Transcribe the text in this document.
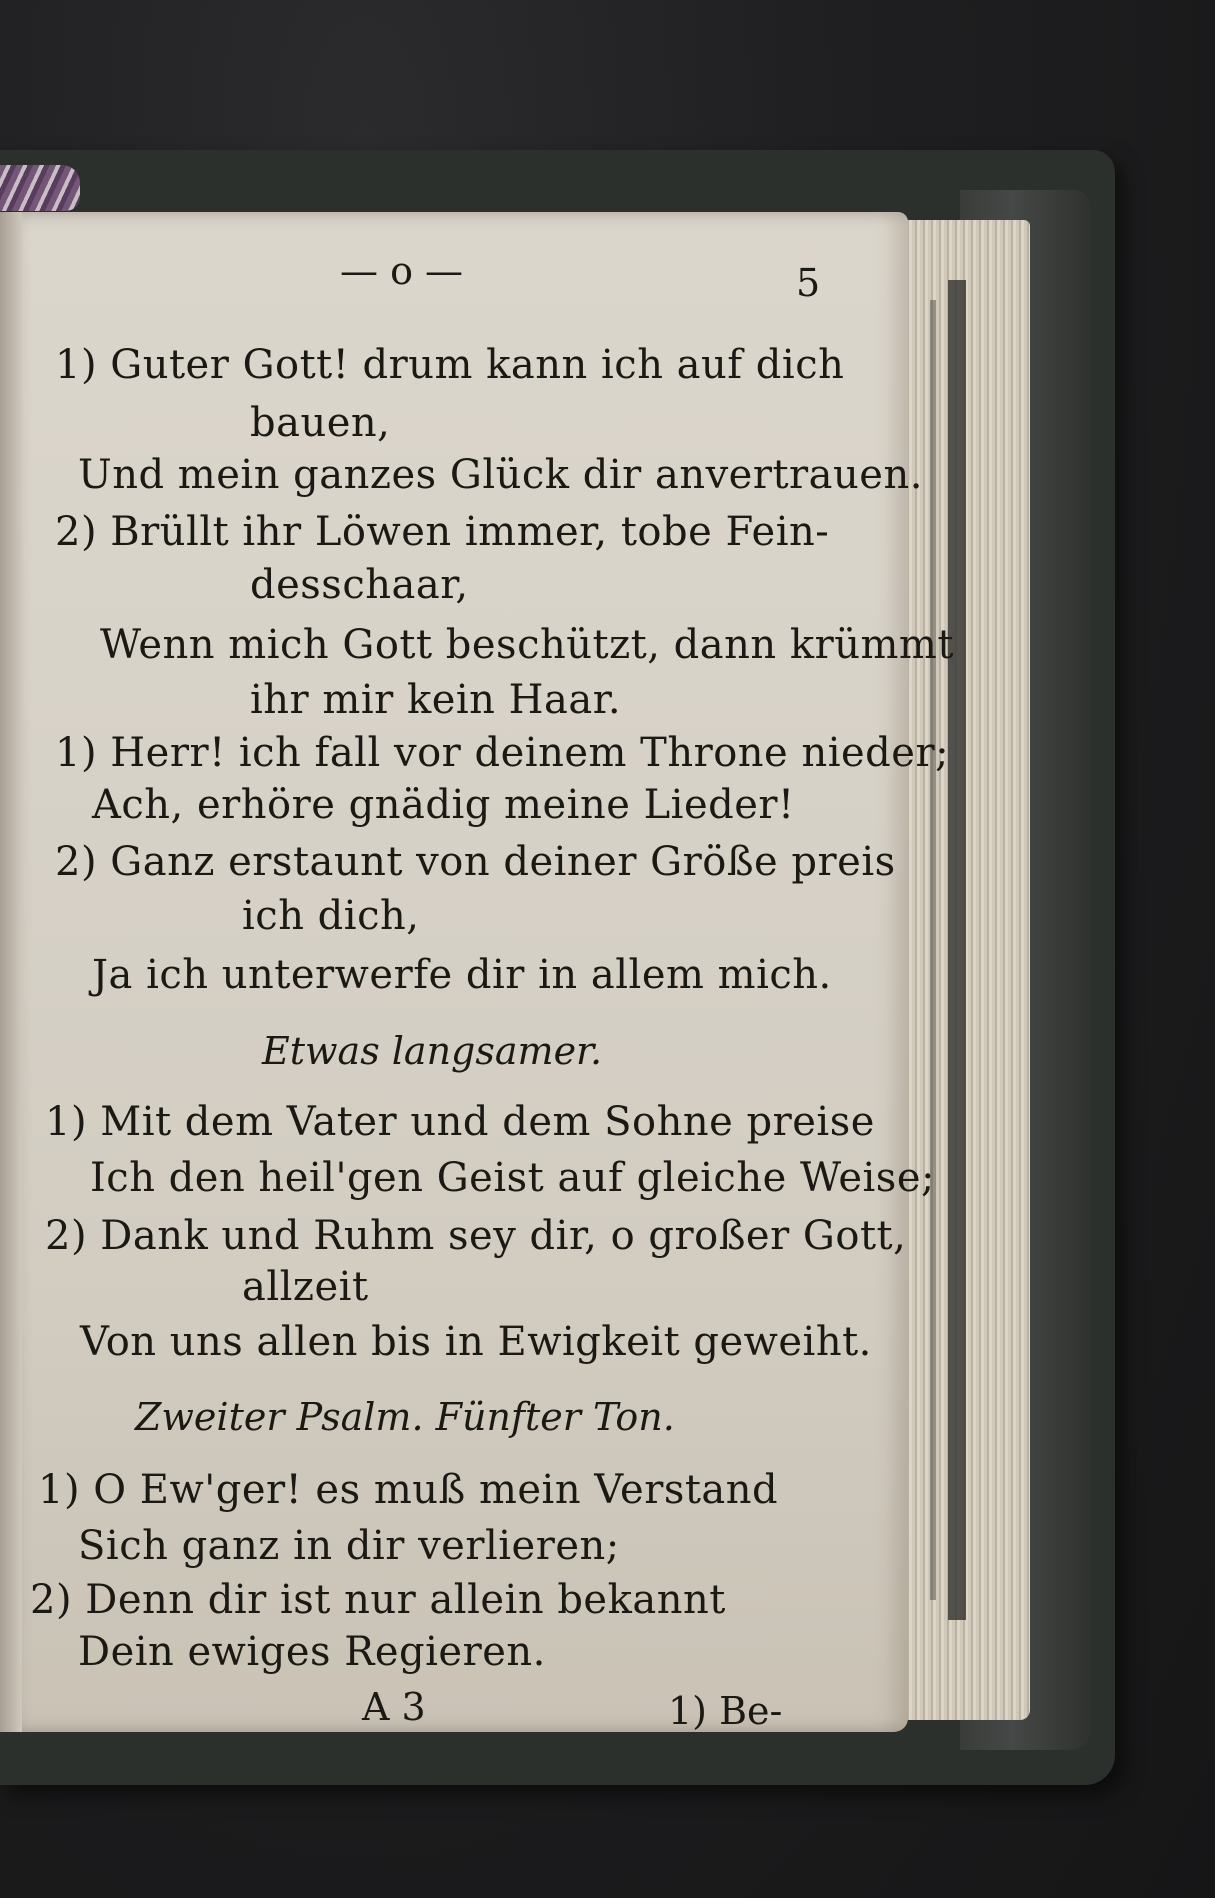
— o —	5
1) Guter Gott! drum kann ich auf dich
bauen,
Und mein ganzes Glück dir anvertrauen.
2) Brüllt ihr Löwen immer, tobe Fein-
desschaar,
Wenn mich Gott beschützt, dann krümmt
ihr mir kein Haar.
1) Herr! ich fall vor deinem Throne nieder;
Ach, erhöre gnädig meine Lieder!
2) Ganz erstaunt von deiner Größe preis
ich dich,
Ja ich unterwerfe dir in allem mich.
Etwas langsamer.
1) Mit dem Vater und dem Sohne preise
Ich den heil'gen Geist auf gleiche Weise;
2) Dank und Ruhm sey dir, o großer Gott,
allzeit
Von uns allen bis in Ewigkeit geweiht.
Zweiter Psalm. Fünfter Ton.
1) O Ew'ger! es muß mein Verstand
Sich ganz in dir verlieren;
2) Denn dir ist nur allein bekannt
Dein ewiges Regieren.
A 3	1) Be-
